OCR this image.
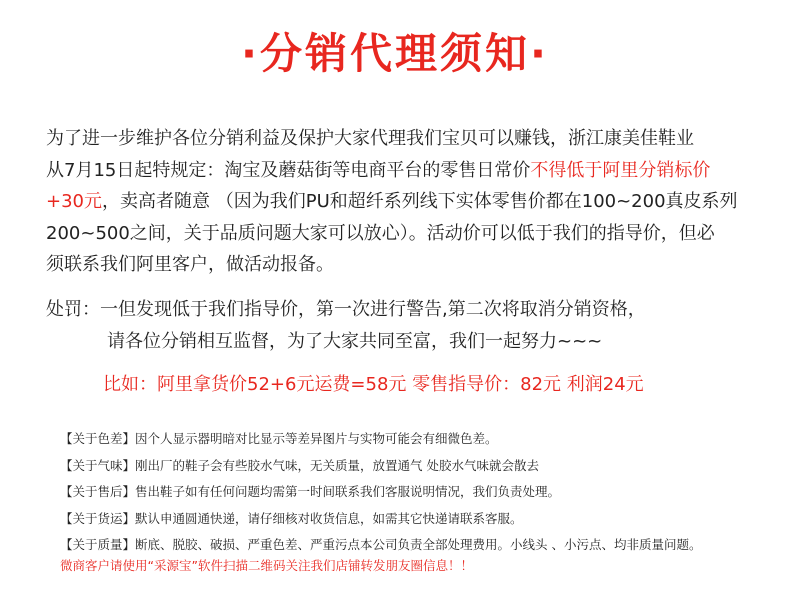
·分销代理须知·
为了进一步维护各位分销利益及保护大家代理我们宝贝可以赚钱，浙江康美佳鞋业
从7月15日起特规定：淘宝及蘑菇街等电商平台的零售日常价不得低于阿里分销标价
+30元，卖高者随意 （因为我们PU和超纤系列线下实体零售价都在100~200真皮系列
200~500之间，关于品质问题大家可以放心）。活动价可以低于我们的指导价，但必
须联系我们阿里客户，做活动报备。
处罚：一但发现低于我们指导价，第一次进行警告,第二次将取消分销资格，
请各位分销相互监督，为了大家共同至富，我们一起努力~~~
比如：阿里拿货价52+6元运费=58元 零售指导价：82元 利润24元
【关于色差】因个人显示器明暗对比显示等差异图片与实物可能会有细微色差。
【关于气味】刚出厂的鞋子会有些胶水气味，无关质量，放置通气 处胶水气味就会散去
【关于售后】售出鞋子如有任何问题均需第一时间联系我们客服说明情况，我们负责处理。
【关于货运】默认申通圆通快递，请仔细核对收货信息，如需其它快递请联系客服。
【关于质量】断底、脱胶、破损、严重色差、严重污点本公司负责全部处理费用。小线头 、小污点、均非质量问题。
微商客户请使用“采源宝”软件扫描二维码关注我们店铺转发朋友圈信息！！
